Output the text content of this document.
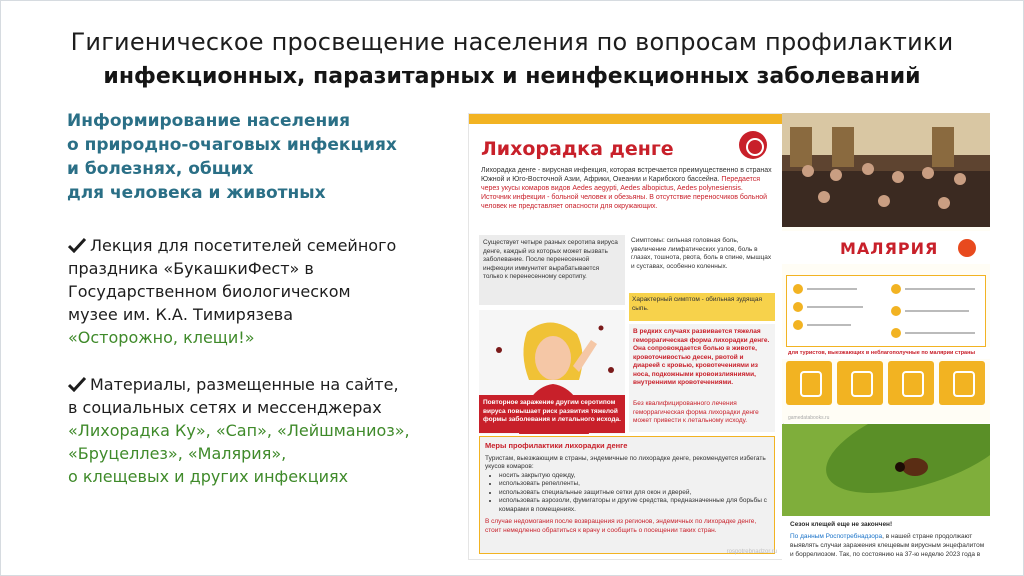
Гигиеническое просвещение населения по вопросам профилактики
инфекционных, паразитарных и неинфекционных заболеваний
Информирование населения
о природно-очаговых инфекциях
и болезнях, общих
для человека и животных
Лекция для посетителей семейного
праздника «БукашкиФест» в
Государственном биологическом
музее им. К.А. Тимирязева
«Осторожно, клещи!»
Материалы, размещенные на сайте,
в социальных сетях и мессенджерах
«Лихорадка Ку», «Сап», «Лейшманиоз»,
«Бруцеллез», «Малярия»,
о клещевых и других инфекциях
Лихорадка денге
Лихорадка денге - вирусная инфекция, которая встречается преимущественно в странах Южной и Юго-Восточной Азии, Африки, Океании и Карибского бассейна. Передается через укусы комаров видов Aedes aegypti, Aedes albopictus, Aedes polynesiensis. Источник инфекции - больной человек и обезьяны. В отсутствие переносчиков больной человек не представляет опасности для окружающих.
Существует четыре разных серотипа вируса денге, каждый из которых может вызвать заболевание. После перенесенной инфекции иммунитет вырабатывается только к перенесенному серотипу.
Симптомы: сильная головная боль, увеличение лимфатических узлов, боль в глазах, тошнота, рвота, боль в спине, мышцах и суставах, особенно коленных.
Характерный симптом - обильная зудящая сыпь.
В редких случаях развивается тяжелая геморрагическая форма лихорадки денге. Она сопровождается болью в животе, кровоточивостью десен, рвотой и диареей с кровью, кровотечениями из носа, подкожными кровоизлияниями, внутренними кровотечениями.
Без квалифицированного лечения геморрагическая форма лихорадки денге может привести к летальному исходу.
Повторное заражение другим серотипом вируса повышает риск развития тяжелой формы заболевания и летального исхода.
Меры профилактики лихорадки денге
Туристам, выезжающим в страны, эндемичные по лихорадке денге, рекомендуется избегать укусов комаров:
• носить закрытую одежду,
• использовать репелленты,
• использовать специальные защитные сетки для окон и дверей,
• использовать аэрозоли, фумигаторы и другие средства, предназначенные для борьбы с комарами в помещениях.
В случае недомогания после возвращения из регионов, эндемичных по лихорадке денге, стоит немедленно обратиться к врачу и сообщить о посещении таких стран.
rospotrebnadzor.ru
МАЛЯРИЯ
для туристов, выезжающих в неблагополучные по малярии страны
gamedatabooks.ru
Сезон клещей еще не закончен!
По данным Роспотребнадзора, в нашей стране продолжают выявлять случаи заражения клещевым вирусным энцефалитом и боррелиозом. Так, по состоянию на 37-ю неделю 2023 года в
